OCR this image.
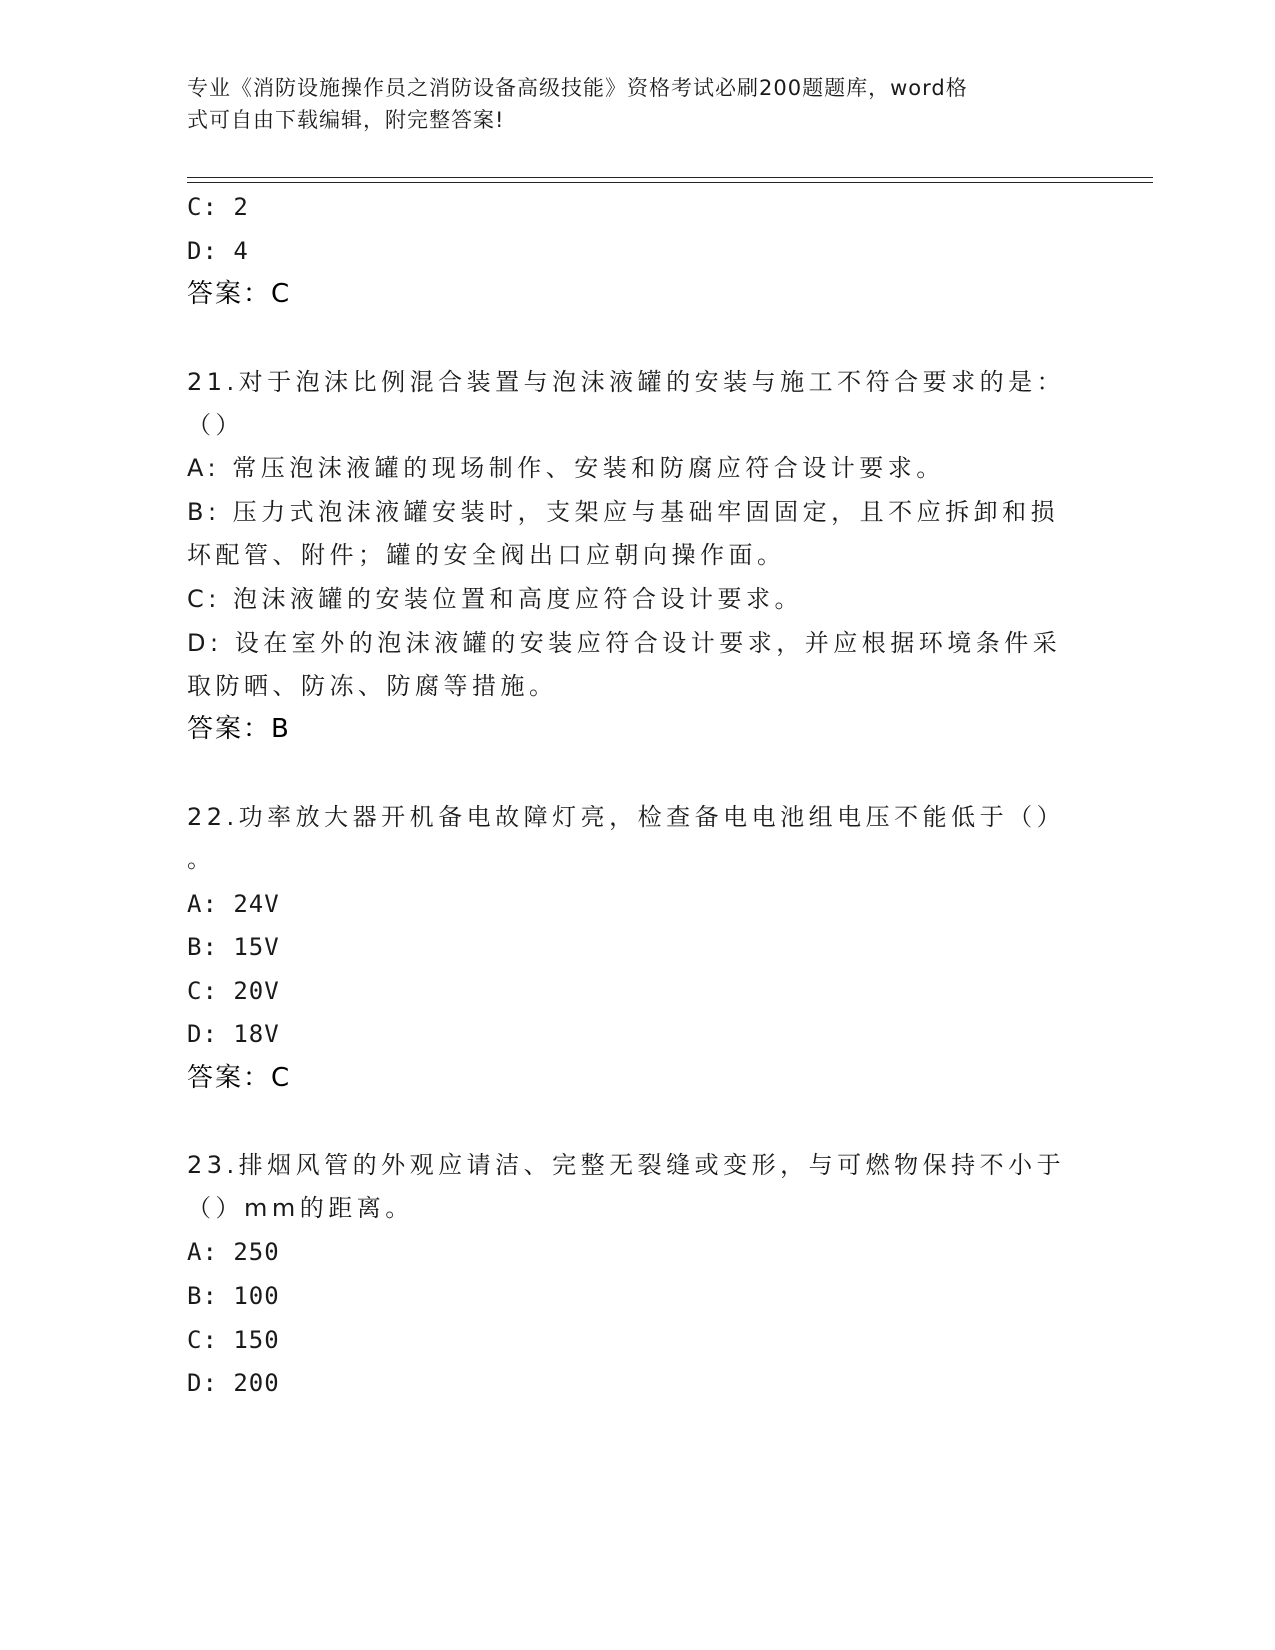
专业《消防设施操作员之消防设备高级技能》资格考试必刷200题题库，word格
式可自由下载编辑，附完整答案!
C: 2
D: 4
答案：C
21.对于泡沫比例混合装置与泡沫液罐的安装与施工不符合要求的是：
（）
A: 常压泡沫液罐的现场制作、安装和防腐应符合设计要求。
B: 压力式泡沫液罐安装时，支架应与基础牢固固定，且不应拆卸和损
坏配管、附件；罐的安全阀出口应朝向操作面。
C: 泡沫液罐的安装位置和高度应符合设计要求。
D: 设在室外的泡沫液罐的安装应符合设计要求，并应根据环境条件采
取防晒、防冻、防腐等措施。
答案：B
22.功率放大器开机备电故障灯亮，检查备电电池组电压不能低于（）
。
A: 24V
B: 15V
C: 20V
D: 18V
答案：C
23.排烟风管的外观应请洁、完整无裂缝或变形，与可燃物保持不小于
（）mm的距离。
A: 250
B: 100
C: 150
D: 200
